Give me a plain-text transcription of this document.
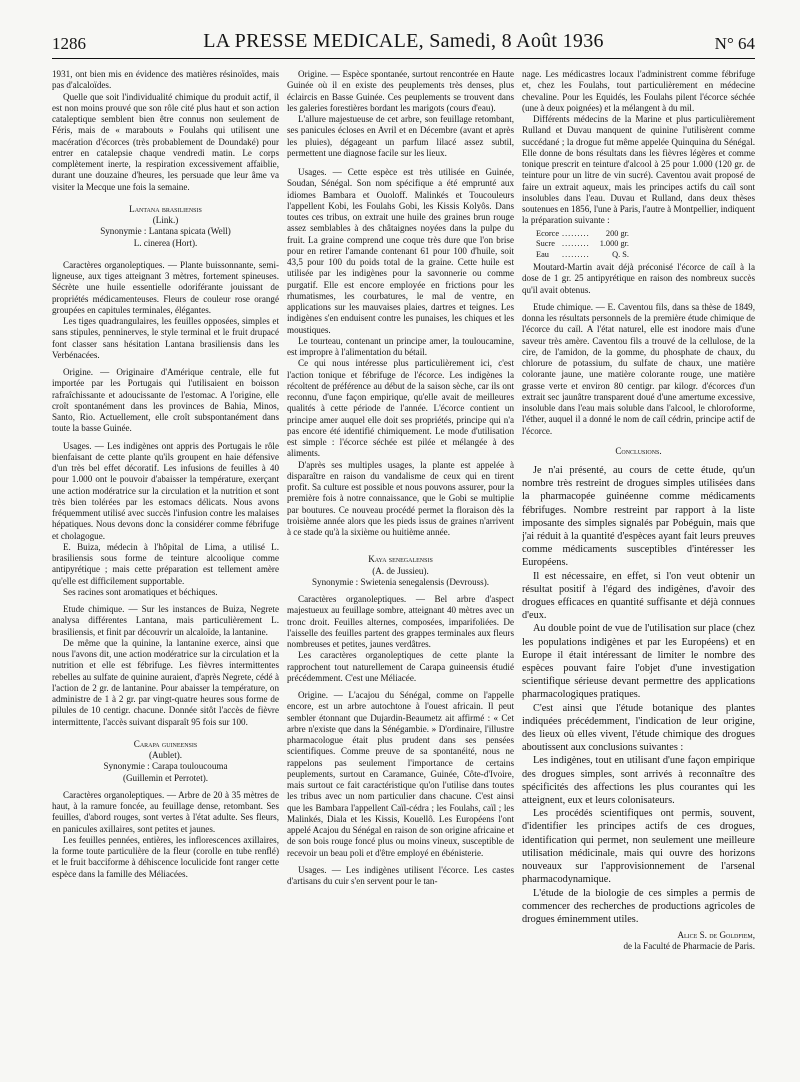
1286	LA PRESSE MEDICALE, Samedi, 8 Août 1936	N° 64

1931, ont bien mis en évidence des matières résinoïdes, mais pas d'alcaloïdes.

Quelle que soit l'individualité chimique du produit actif, il est non moins prouvé que son rôle cité plus haut et son action cataleptique semblent bien être connus non seulement de Féris, mais de « marabouts » Foulahs qui utilisent une macération d'écorces (très probablement de Doundaké) pour entrer en catalepsie chaque vendredi matin. Le corps complètement inerte, la respiration excessivement affaiblie, durant une douzaine d'heures, les persuade que leur âme va visiter la Mecque une fois la semaine.

Lantana brasiliensis

(Link.)

Synonymie : Lantana spicata (Well)

L. cinerea (Hort).

Caractères organoleptiques. — Plante buissonnante, semi-ligneuse, aux tiges atteignant 3 mètres, fortement spineuses. Sécrète une huile essentielle odoriférante jouissant de propriétés médicamenteuses. Fleurs de couleur rose orangé groupées en capitules terminales, élégantes.

Les tiges quadrangulaires, les feuilles opposées, simples et sans stipules, penninerves, le style terminal et le fruit drupacé font classer sans hésitation Lantana brasiliensis dans les Verbénacées.

Origine. — Originaire d'Amérique centrale, elle fut importée par les Portugais qui l'utilisaient en boisson rafraîchissante et adoucissante de l'estomac. A l'origine, elle croît spontanément dans les provinces de Bahia, Minos, Santo, Rio. Actuellement, elle croît subspontanément dans toute la basse Guinée.

Usages. — Les indigènes ont appris des Portugais le rôle bienfaisant de cette plante qu'ils groupent en haie défensive d'un très bel effet décoratif. Les infusions de feuilles à 40 pour 1.000 ont le pouvoir d'abaisser la température, exerçant une action modératrice sur la circulation et la nutrition et sont très bien tolérées par les estomacs délicats. Nous avons fréquemment utilisé avec succès l'infusion contre les malaises hépatiques. Nous devons donc la considérer comme fébrifuge et cholagogue.

E. Buiza, médecin à l'hôpital de Lima, a utilisé L. brasiliensis sous forme de teinture alcoolique comme antipyrétique ; mais cette préparation est tellement amère qu'elle est difficilement supportable.

Ses racines sont aromatiques et béchiques.

Etude chimique. — Sur les instances de Buiza, Negrete analysa différentes Lantana, mais particulièrement L. brasiliensis, et finit par découvrir un alcaloïde, la lantanine.

De même que la quinine, la lantanine exerce, ainsi que nous l'avons dit, une action modératrice sur la circulation et la nutrition et elle est fébrifuge. Les fièvres intermittentes rebelles au sulfate de quinine auraient, d'après Negrete, cédé à l'action de 2 gr. de lantanine. Pour abaisser la température, on administre de 1 à 2 gr. par vingt-quatre heures sous forme de pilules de 10 centigr. chacune. Donnée sitôt l'accès de fièvre intermittente, l'accès suivant disparaît 95 fois sur 100.

Carapa guineensis

(Aublet).

Synonymie : Carapa touloucouma

(Guillemin et Perrotet).

Caractères organoleptiques. — Arbre de 20 à 35 mètres de haut, à la ramure foncée, au feuillage dense, retombant. Ses feuilles, d'abord rouges, sont vertes à l'état adulte. Ses fleurs, en panicules axillaires, sont petites et jaunes.

Les feuilles pennées, entières, les inflorescences axillaires, la forme toute particulière de la fleur (corolle en tube renflé) et le fruit bacciforme à déhiscence loculicide font ranger cette espèce dans la famille des Méliacées.

Origine. — Espèce spontanée, surtout rencontrée en Haute Guinée où il en existe des peuplements très denses, plus éclaircis en Basse Guinée. Ces peuplements se trouvent dans les galeries forestières bordant les marigots (cours d'eau).

L'allure majestueuse de cet arbre, son feuillage retombant, ses panicules écloses en Avril et en Décembre (avant et après les pluies), dégageant un parfum lilacé assez subtil, permettent une diagnose facile sur les lieux.

Usages. — Cette espèce est très utilisée en Guinée, Soudan, Sénégal. Son nom spécifique a été emprunté aux idiomes Bambara et Ouoloff. Malinkés et Toucouleurs l'appellent Kobi, les Foulahs Gobi, les Kissis Kolyôs. Dans toutes ces tribus, on extrait une huile des graines brun rouge assez semblables à des châtaignes noyées dans la pulpe du fruit. La graine comprend une coque très dure que l'on brise pour en retirer l'amande contenant 61 pour 100 d'huile, soit 43,5 pour 100 du poids total de la graine. Cette huile est utilisée par les indigènes pour la savonnerie ou comme purgatif. Elle est encore employée en frictions pour les rhumatismes, les courbatures, le mal de ventre, en applications sur les mauvaises plaies, dartres et teignes. Les indigènes s'en enduisent contre les punaises, les chiques et les moustiques.

Le tourteau, contenant un principe amer, la touloucamine, est impropre à l'alimentation du bétail.

Ce qui nous intéresse plus particulièrement ici, c'est l'action tonique et fébrifuge de l'écorce. Les indigènes la récoltent de préférence au début de la saison sèche, car ils ont reconnu, d'une façon empirique, qu'elle avait de meilleures qualités à cette période de l'année. L'écorce contient un principe amer auquel elle doit ses propriétés, principe qui n'a pas encore été identifié chimiquement. Le mode d'utilisation est simple : l'écorce séchée est pilée et mélangée à des aliments.

D'après ses multiples usages, la plante est appelée à disparaître en raison du vandalisme de ceux qui en tirent profit. Sa culture est possible et nous pouvons assurer, pour la première fois à notre connaissance, que le Gobi se multiplie par boutures. Ce nouveau procédé permet la floraison dès la troisième année alors que les pieds issus de graines n'arrivent à ce stade qu'à la sixième ou huitième année.

Kaya senegalensis

(A. de Jussieu).

Synonymie : Swietenia senegalensis (Devrouss).

Caractères organoleptiques. — Bel arbre d'aspect majestueux au feuillage sombre, atteignant 40 mètres avec un tronc droit. Feuilles alternes, composées, imparifoliées. De l'aisselle des feuilles partent des grappes terminales aux fleurs nombreuses et petites, jaunes verdâtres.

Les caractères organoleptiques de cette plante la rapprochent tout naturellement de Carapa guineensis étudié précédemment. C'est une Méliacée.

Origine. — L'acajou du Sénégal, comme on l'appelle encore, est un arbre autochtone à l'ouest africain. Il peut sembler étonnant que Dujardin-Beaumetz ait affirmé : « Cet arbre n'existe que dans la Sénégambie. » D'ordinaire, l'illustre pharmacologue était plus prudent dans ses pensées scientifiques. Comme preuve de sa spontanéité, nous ne rappelons pas seulement l'importance de certains peuplements, surtout en Caramance, Guinée, Côte-d'Ivoire, mais surtout ce fait caractéristique qu'on l'utilise dans toutes les tribus avec un nom particulier dans chacune. C'est ainsi que les Bambara l'appellent Caïl-cédra ; les Foulahs, caïl ; les Malinkés, Diala et les Kissis, Kouellô. Les Européens l'ont appelé Acajou du Sénégal en raison de son origine africaine et de son bois rouge foncé plus ou moins vineux, susceptible de recevoir un beau poli et d'être employé en ébénisterie.

Usages. — Les indigènes utilisent l'écorce. Les castes d'artisans du cuir s'en servent pour le tan-

nage. Les médicastres locaux l'administrent comme fébrifuge et, chez les Foulahs, tout particulièrement en médecine chevaline. Pour les Equidés, les Foulahs pilent l'écorce séchée (une à deux poignées) et la mélangent à du mil.

Différents médecins de la Marine et plus particulièrement Rulland et Duvau manquent de quinine l'utilisèrent comme succédané ; la drogue fut même appelée Quinquina du Sénégal. Elle donne de bons résultats dans les fièvres légères et comme tonique prescrit en teinture d'alcool à 25 pour 1.000 (120 gr. de teinture pour un litre de vin sucré). Caventou avait proposé de faire un extrait aqueux, mais les principes actifs du caïl sont insolubles dans l'eau. Duvau et Rulland, dans deux thèses soutenues en 1856, l'une à Paris, l'autre à Montpellier, indiquent la préparation suivante :

Ecorce	.........	200 gr.
Sucre	.........	1.000 gr.
Eau	.........	Q. S.

Moutard-Martin avait déjà préconisé l'écorce de caïl à la dose de 1 gr. 25 antipyrétique en raison des nombreux succès qu'il avait obtenus.

Etude chimique. — E. Caventou fils, dans sa thèse de 1849, donna les résultats personnels de la première étude chimique de l'écorce du caïl. A l'état naturel, elle est inodore mais d'une saveur très amère. Caventou fils a trouvé de la cellulose, de la cire, de l'amidon, de la gomme, du phosphate de chaux, du chlorure de potassium, du sulfate de chaux, une matière colorante jaune, une matière colorante rouge, une matière grasse verte et environ 80 centigr. par kilogr. d'écorces d'un extrait sec jaunâtre transparent doué d'une amertume excessive, insoluble dans l'eau mais soluble dans l'alcool, le chloroforme, l'éther, auquel il a donné le nom de caïl cédrin, principe actif de l'écorce.

Conclusions.

Je n'ai présenté, au cours de cette étude, qu'un nombre très restreint de drogues simples utilisées dans la pharmacopée guinéenne comme médicaments fébrifuges. Nombre restreint par rapport à la liste imposante des simples signalés par Pobéguin, mais que j'ai réduit à la quantité d'espèces ayant fait leurs preuves comme médicaments susceptibles d'intéresser les Européens.

Il est nécessaire, en effet, si l'on veut obtenir un résultat positif à l'égard des indigènes, d'avoir des drogues efficaces en quantité suffisante et déjà connues d'eux.

Au double point de vue de l'utilisation sur place (chez les populations indigènes et par les Européens) et en Europe il était intéressant de limiter le nombre des espèces pouvant faire l'objet d'une investigation scientifique sérieuse devant permettre des applications pharmacologiques pratiques.

C'est ainsi que l'étude botanique des plantes indiquées précédemment, l'indication de leur origine, des lieux où elles vivent, l'étude chimique des drogues aboutissent aux conclusions suivantes :

Les indigènes, tout en utilisant d'une façon empirique des drogues simples, sont arrivés à reconnaître des spécificités des affections les plus courantes qui les atteignent, eux et leurs colonisateurs.

Les procédés scientifiques ont permis, souvent, d'identifier les principes actifs de ces drogues, identification qui permet, non seulement une meilleure utilisation médicinale, mais qui ouvre des horizons nouveaux sur l'approvisionnement de l'arsenal pharmacodynamique.

L'étude de la biologie de ces simples a permis de commencer des recherches de productions agricoles de drogues éminemment utiles.

Alice S. de Goldfiem,

de la Faculté de Pharmacie de Paris.
